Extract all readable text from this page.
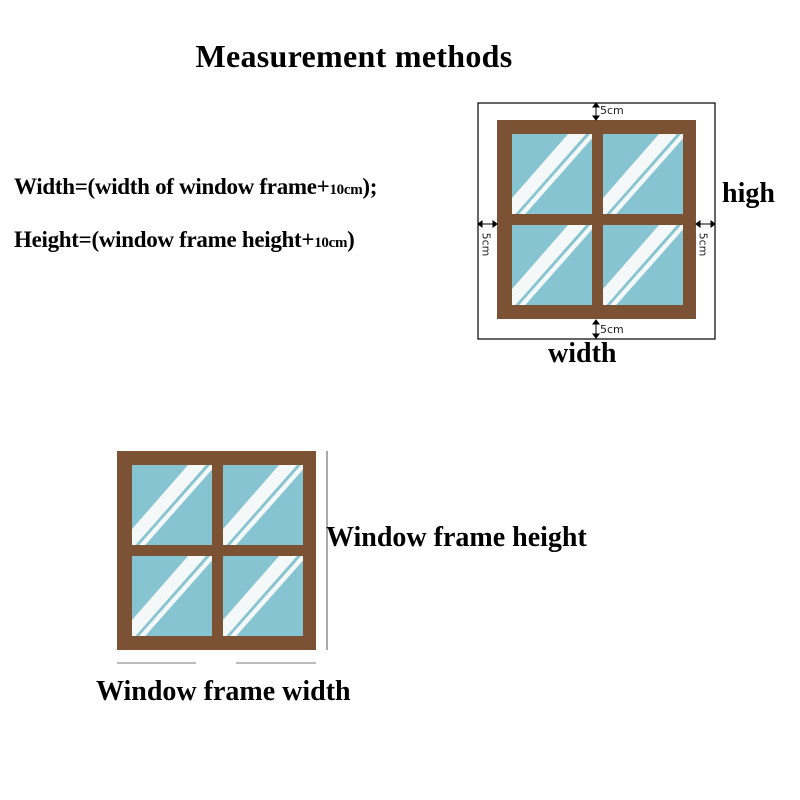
Measurement methods
Width=(width of window frame+10cm);
Height=(window frame height+10cm)
5cm
5cm
5cm	5cm
high
width
Window frame height
Window frame width
